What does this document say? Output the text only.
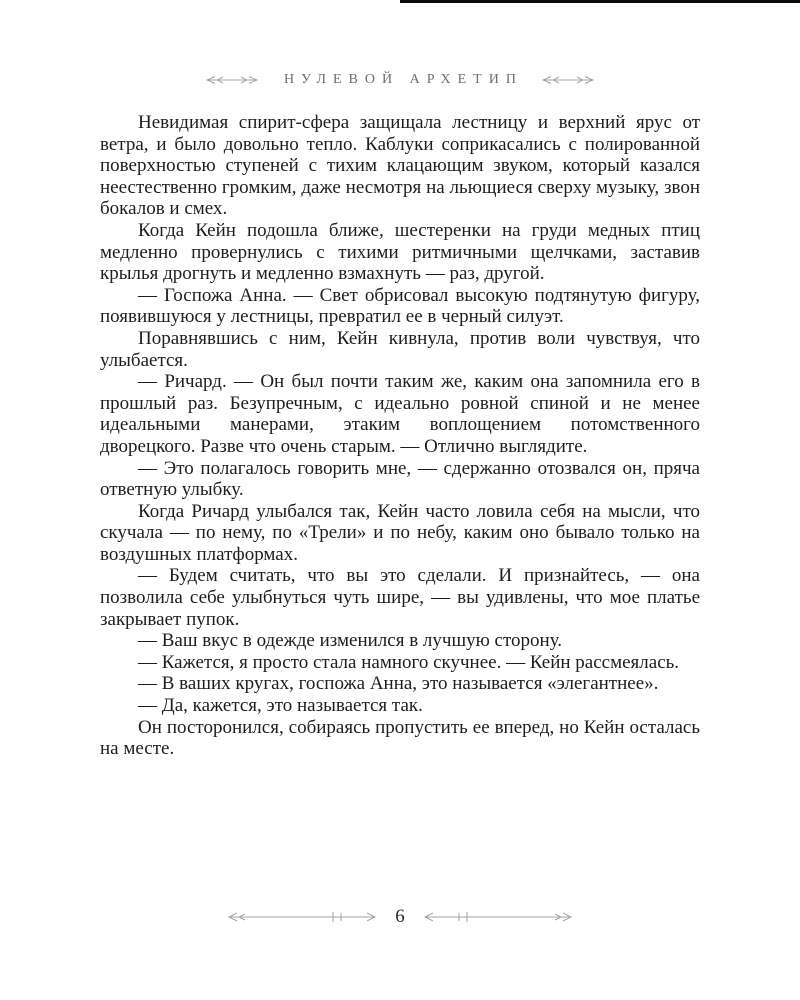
НУЛЕВОЙ АРХЕТИП

Невидимая спирит-сфера защищала лестницу и верхний ярус от ветра, и было довольно тепло. Каблуки соприкасались с полированной поверхностью ступеней с тихим клацающим звуком, который казался неестественно громким, даже несмотря на льющиеся сверху музыку, звон бокалов и смех.

Когда Кейн подошла ближе, шестеренки на груди медных птиц медленно провернулись с тихими ритмичными щелчками, заставив крылья дрогнуть и медленно взмахнуть — раз, другой.

— Госпожа Анна. — Свет обрисовал высокую подтянутую фигуру, появившуюся у лестницы, превратил ее в черный силуэт.

Поравнявшись с ним, Кейн кивнула, против воли чувствуя, что улыбается.

— Ричард. — Он был почти таким же, каким она запомнила его в прошлый раз. Безупречным, с идеально ровной спиной и не менее идеальными манерами, этаким воплощением потомственного дворецкого. Разве что очень старым. — Отлично выглядите.

— Это полагалось говорить мне, — сдержанно отозвался он, пряча ответную улыбку.

Когда Ричард улыбался так, Кейн часто ловила себя на мысли, что скучала — по нему, по «Трели» и по небу, каким оно бывало только на воздушных платформах.

— Будем считать, что вы это сделали. И признайтесь, — она позволила себе улыбнуться чуть шире, — вы удивлены, что мое платье закрывает пупок.

— Ваш вкус в одежде изменился в лучшую сторону.

— Кажется, я просто стала намного скучнее. — Кейн рассмеялась.

— В ваших кругах, госпожа Анна, это называется «элегантнее».

— Да, кажется, это называется так.

Он посторонился, собираясь пропустить ее вперед, но Кейн осталась на месте.

6
